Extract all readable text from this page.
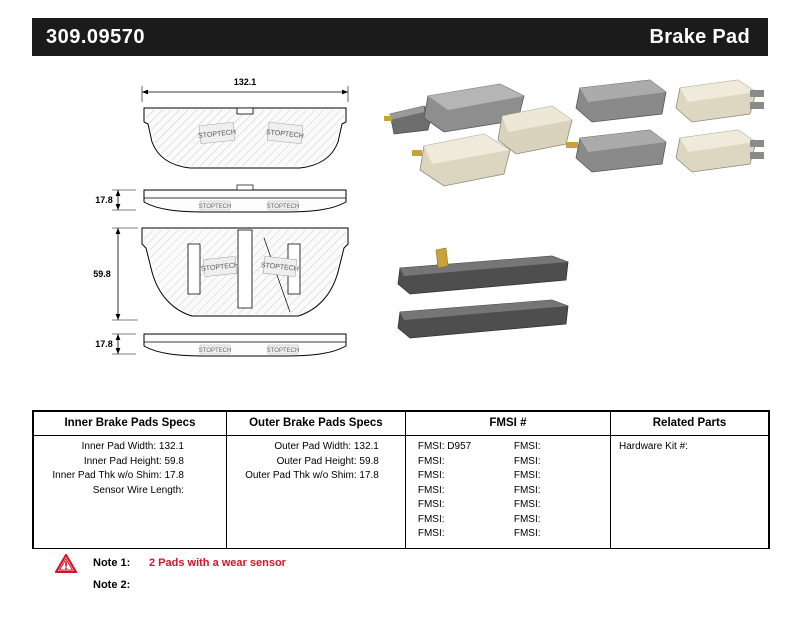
309.09570	Brake Pad
132.1
STOPTECH	STOPTECH
17.8
STOPTECH	STOPTECH
59.8
STOPTECH	STOPTECH
17.8
STOPTECH	STOPTECH
Inner Brake Pads Specs	Outer Brake Pads Specs	FMSI #	Related Parts

Inner Pad Width: 132.1
Inner Pad Height: 59.8
Inner Pad Thk w/o Shim: 17.8
Sensor Wire Length:

Outer Pad Width: 132.1
Outer Pad Height: 59.8
Outer Pad Thk w/o Shim: 17.8

FMSI: D957	FMSI:
FMSI:	FMSI:
FMSI:	FMSI:
FMSI:	FMSI:
FMSI:	FMSI:
FMSI:	FMSI:
FMSI:	FMSI:

Hardware Kit #:
Note 1:	2 Pads with a wear sensor
Note 2:
